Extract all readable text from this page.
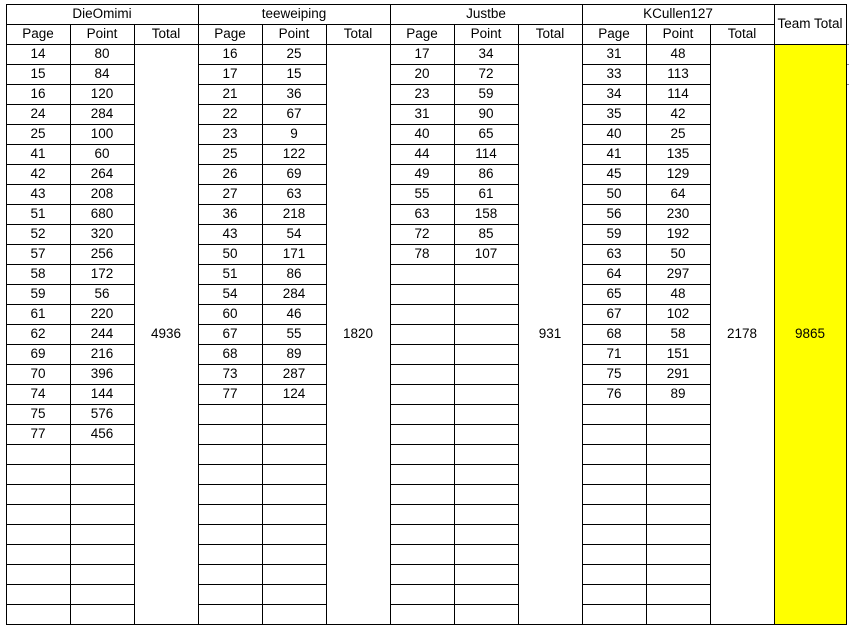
Team Total
9865
DieOmimi
Page	Point	Total
4936
14	80
15	84
16	120
24	284
25	100
41	60
42	264
43	208
51	680
52	320
57	256
58	172
59	56
61	220
62	244
69	216
70	396
74	144
75	576
77	456
teeweiping
Page	Point	Total
1820
16	25
17	15
21	36
22	67
23	9
25	122
26	69
27	63
36	218
43	54
50	171
51	86
54	284
60	46
67	55
68	89
73	287
77	124
Justbe
Page	Point	Total
931
17	34
20	72
23	59
31	90
40	65
44	114
49	86
55	61
63	158
72	85
78	107
KCullen127
Page	Point	Total
2178
31	48
33	113
34	114
35	42
40	25
41	135
45	129
50	64
56	230
59	192
63	50
64	297
65	48
67	102
68	58
71	151
75	291
76	89
